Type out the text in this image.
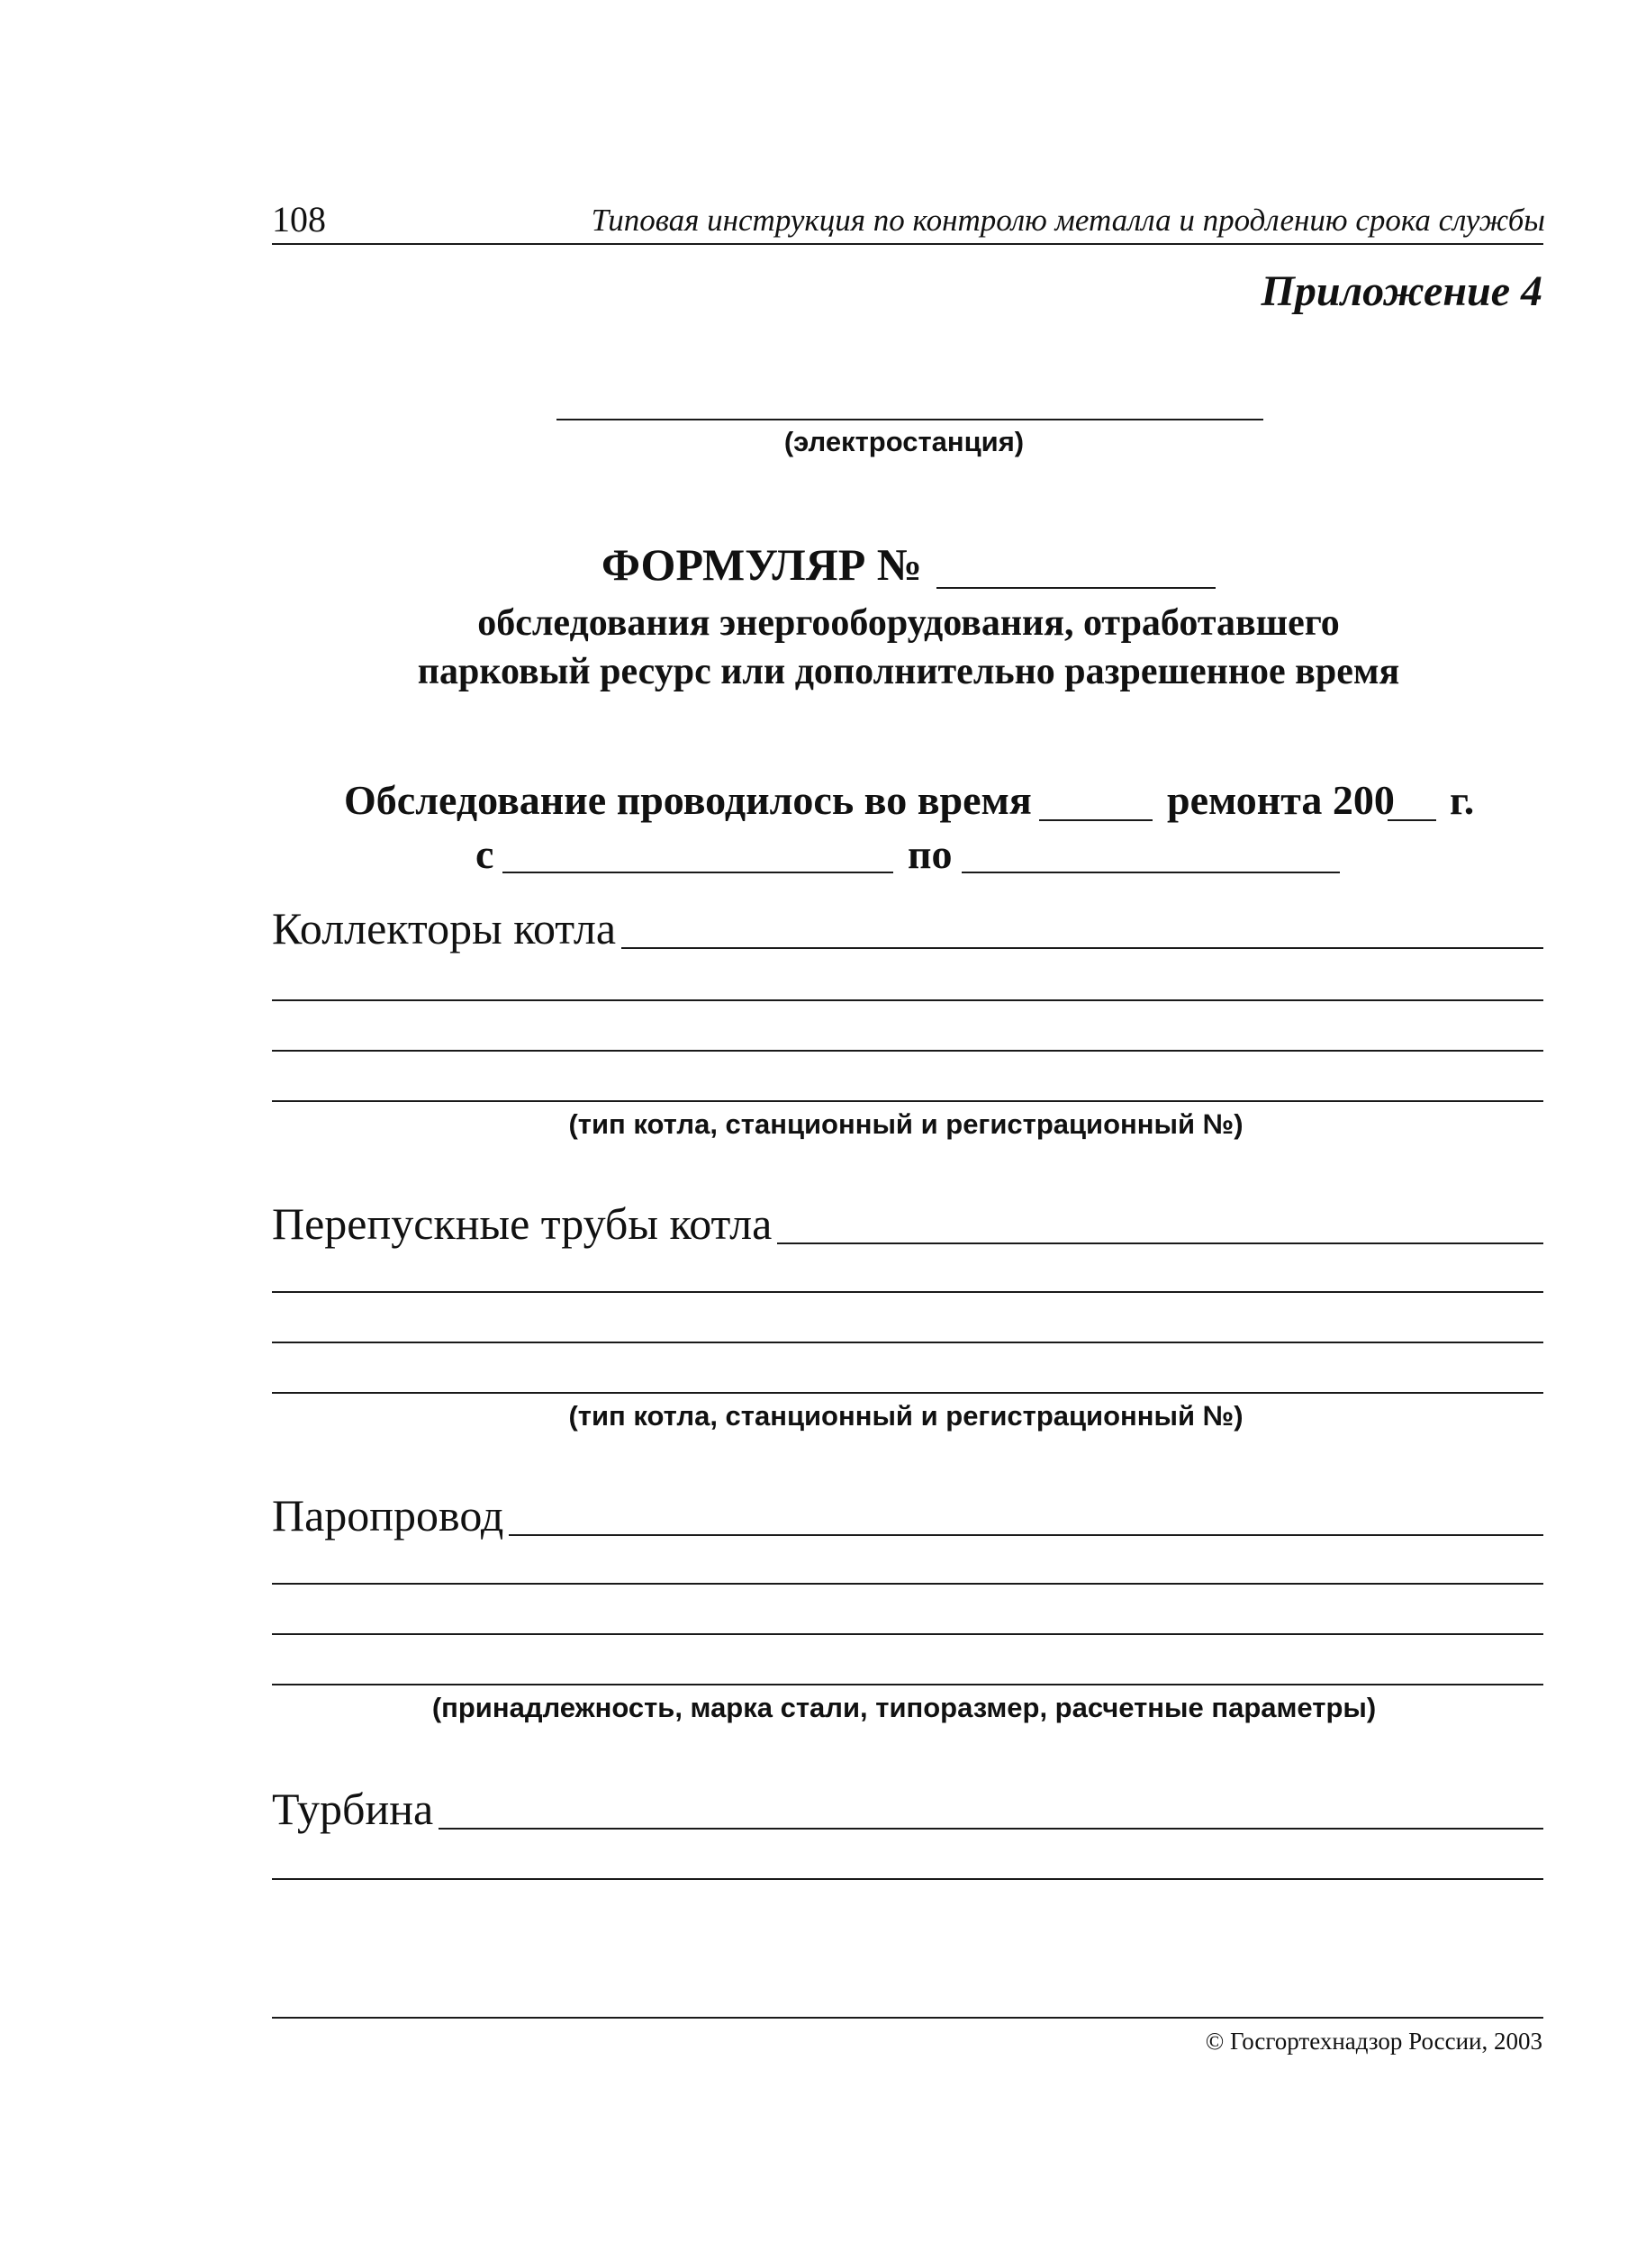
108	Типовая инструкция по контролю металла и продлению срока службы
Приложение 4
(электростанция)
ФОРМУЛЯР №
обследования энергооборудования, отработавшего
парковый ресурс или дополнительно разрешенное время
Обследование проводилось во время	ремонта 200 г.
с	по
Коллекторы котла
(тип котла, станционный и регистрационный №)
Перепускные трубы котла
(тип котла, станционный и регистрационный №)
Паропровод
(принадлежность, марка стали, типоразмер, расчетные параметры)
Турбина
© Госгортехнадзор России, 2003
